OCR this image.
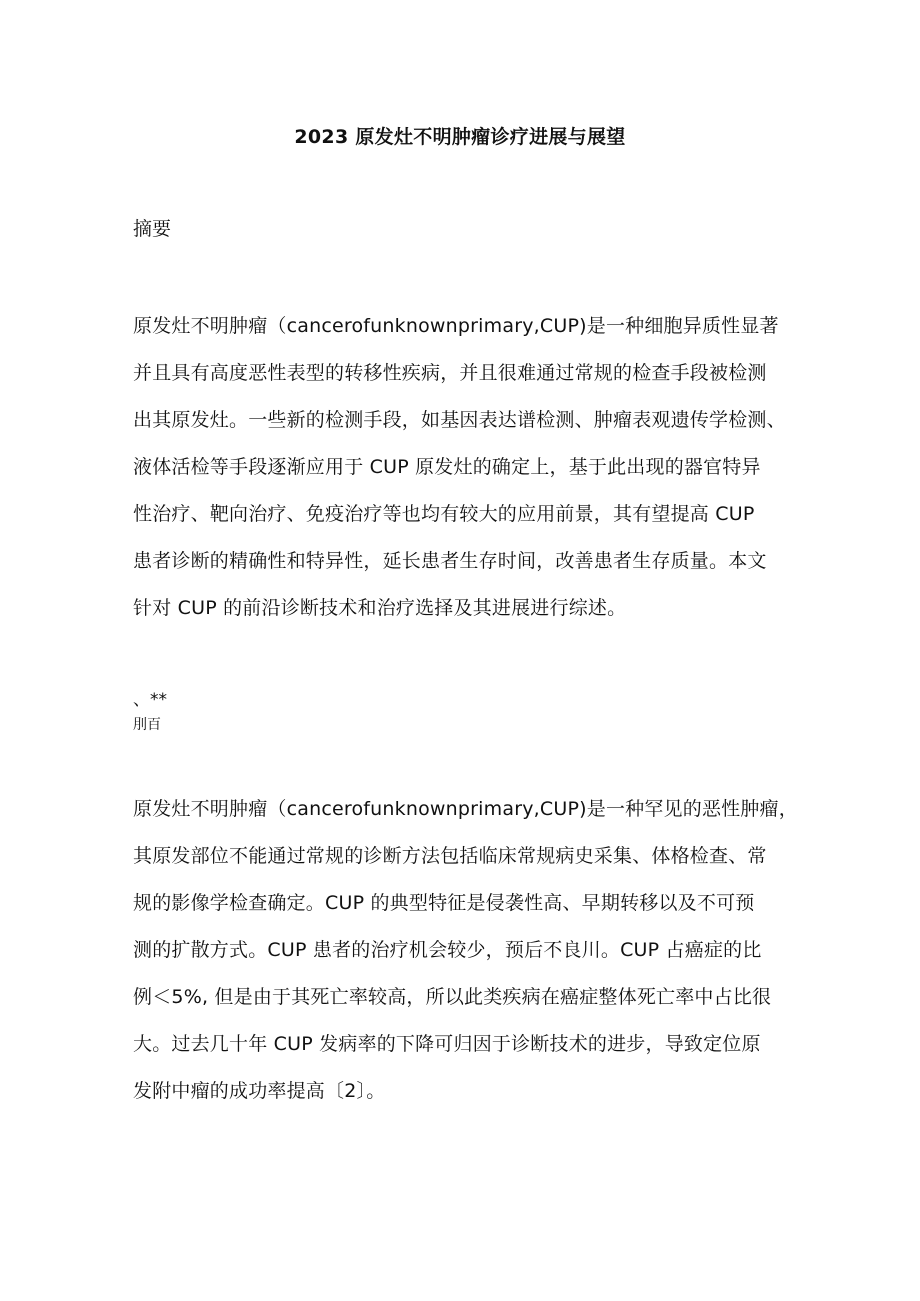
2023 原发灶不明肿瘤诊疗进展与展望
摘要

原发灶不明肿瘤（cancerofunknownprimary,CUP)是一种细胞异质性显著

并且具有高度恶性表型的转移性疾病，并且很难通过常规的检查手段被检测

出其原发灶。一些新的检测手段，如基因表达谱检测、肿瘤表观遗传学检测、

液体活检等手段逐渐应用于 CUP 原发灶的确定上，基于此出现的器官特异

性治疗、靶向治疗、免疫治疗等也均有较大的应用前景，其有望提高 CUP

患者诊断的精确性和特异性，延长患者生存时间，改善患者生存质量。本文

针对 CUP 的前沿诊断技术和治疗选择及其进展进行综述。

、**
刖百

原发灶不明肿瘤（cancerofunknownprimary,CUP)是一种罕见的恶性肿瘤，

其原发部位不能通过常规的诊断方法包括临床常规病史采集、体格检查、常

规的影像学检查确定。CUP 的典型特征是侵袭性高、早期转移以及不可预

测的扩散方式。CUP 患者的治疗机会较少，预后不良川。CUP 占癌症的比

例＜5%, 但是由于其死亡率较高，所以此类疾病在癌症整体死亡率中占比很

大。过去几十年 CUP 发病率的下降可归因于诊断技术的进步，导致定位原

发附中瘤的成功率提高〔2〕。
